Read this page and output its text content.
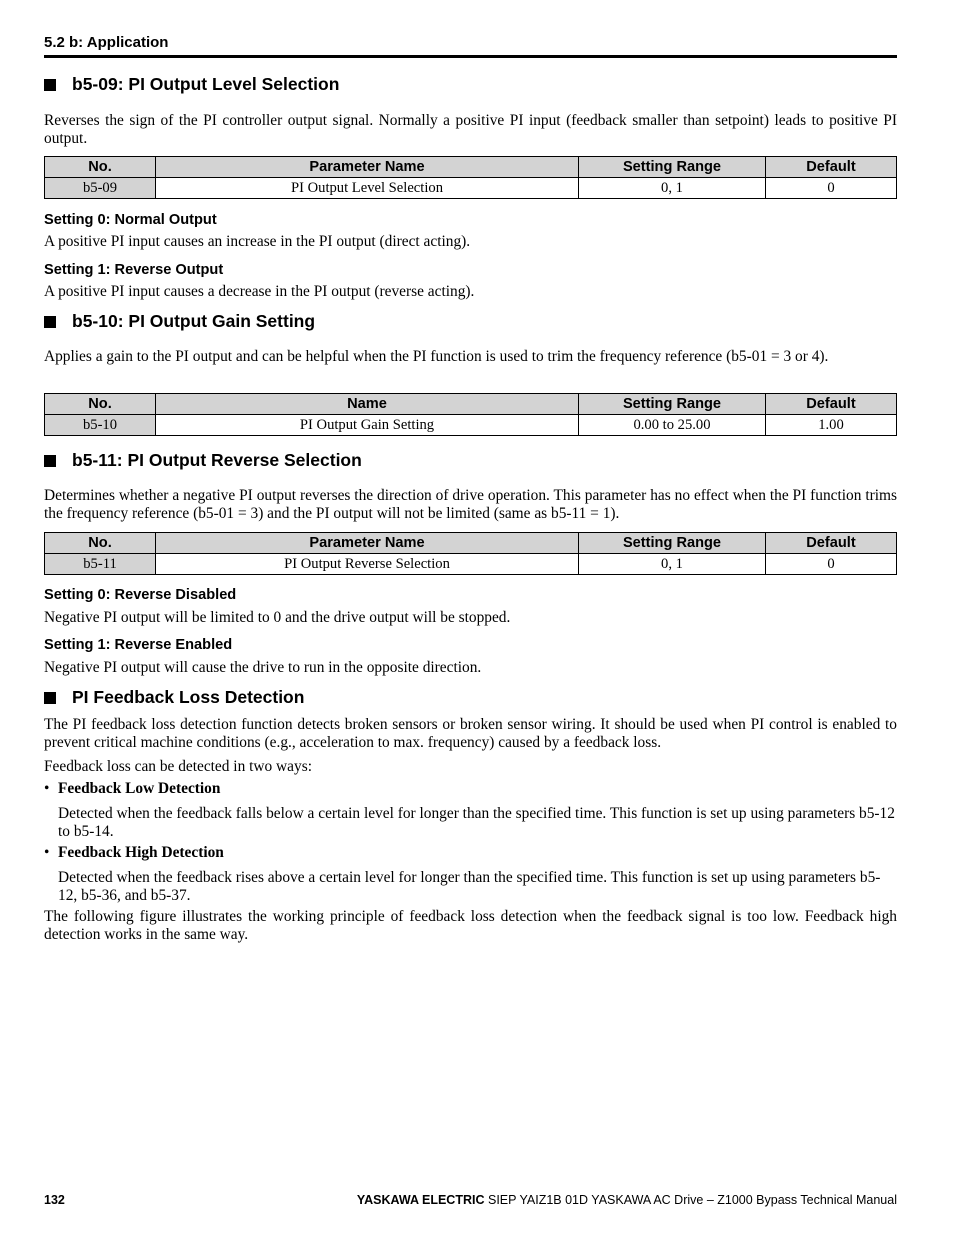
5.2 b: Application
b5-09: PI Output Level Selection
Reverses the sign of the PI controller output signal. Normally a positive PI input (feedback smaller than setpoint) leads to positive PI output.
No.	Parameter Name	Setting Range	Default
b5-09	PI Output Level Selection	0, 1	0
Setting 0: Normal Output
A positive PI input causes an increase in the PI output (direct acting).
Setting 1: Reverse Output
A positive PI input causes a decrease in the PI output (reverse acting).
b5-10: PI Output Gain Setting
Applies a gain to the PI output and can be helpful when the PI function is used to trim the frequency reference (b5-01 = 3 or 4).
No.	Name	Setting Range	Default
b5-10	PI Output Gain Setting	0.00 to 25.00	1.00
b5-11: PI Output Reverse Selection
Determines whether a negative PI output reverses the direction of drive operation. This parameter has no effect when the PI function trims the frequency reference (b5-01 = 3) and the PI output will not be limited (same as b5-11 = 1).
No.	Parameter Name	Setting Range	Default
b5-11	PI Output Reverse Selection	0, 1	0
Setting 0: Reverse Disabled
Negative PI output will be limited to 0 and the drive output will be stopped.
Setting 1: Reverse Enabled
Negative PI output will cause the drive to run in the opposite direction.
PI Feedback Loss Detection
The PI feedback loss detection function detects broken sensors or broken sensor wiring. It should be used when PI control is enabled to prevent critical machine conditions (e.g., acceleration to max. frequency) caused by a feedback loss.
Feedback loss can be detected in two ways:
• Feedback Low Detection
Detected when the feedback falls below a certain level for longer than the specified time. This function is set up using parameters b5-12 to b5-14.
• Feedback High Detection
Detected when the feedback rises above a certain level for longer than the specified time. This function is set up using parameters b5-12, b5-36, and b5-37.
The following figure illustrates the working principle of feedback loss detection when the feedback signal is too low. Feedback high detection works in the same way.
132	YASKAWA ELECTRIC SIEP YAIZ1B 01D YASKAWA AC Drive – Z1000 Bypass Technical Manual
